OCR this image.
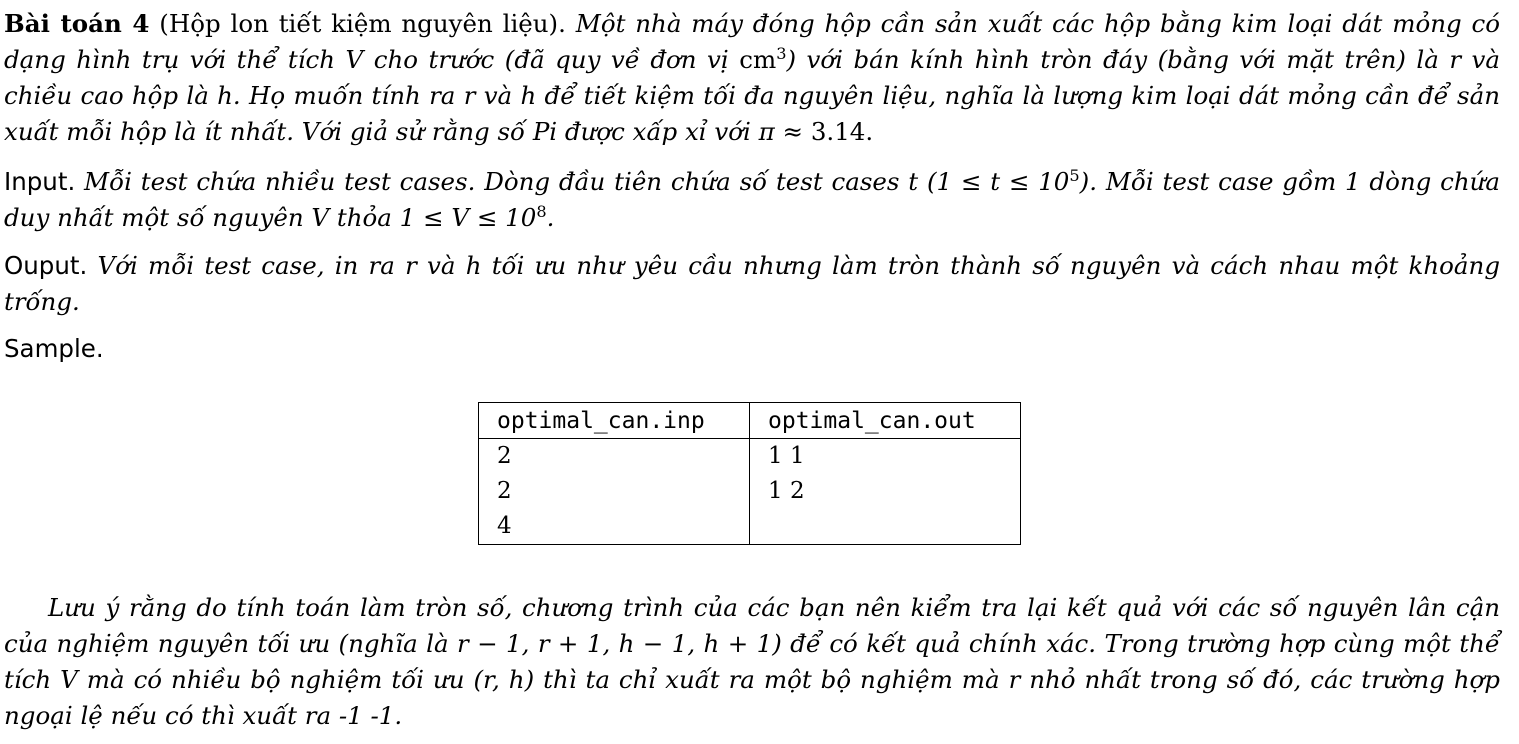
Bài toán 4 (Hộp lon tiết kiệm nguyên liệu). Một nhà máy đóng hộp cần sản xuất các hộp bằng kim loại dát mỏng có dạng hình trụ với thể tích V cho trước (đã quy về đơn vị $cm^3$) với bán kính hình tròn đáy (bằng với mặt trên) là r và chiều cao hộp là h. Họ muốn tính ra r và h để tiết kiệm tối đa nguyên liệu, nghĩa là lượng kim loại dát mỏng cần để sản xuất mỗi hộp là ít nhất. Với giả sử rằng số Pi được xấp xỉ với π ≈ 3.14.
Input. Mỗi test chứa nhiều test cases. Dòng đầu tiên chứa số test cases t $(1 \le t \le 10^5)$. Mỗi test case gồm 1 dòng chứa duy nhất một số nguyên V thỏa $1 \le V \le 10^8$.
Ouput. Với mỗi test case, in ra r và h tối ưu như yêu cầu nhưng làm tròn thành số nguyên và cách nhau một khoảng trống.
Sample.
optimal_can.inp	optimal_can.out
2	1 1
2	1 2
4	
Lưu ý rằng do tính toán làm tròn số, chương trình của các bạn nên kiểm tra lại kết quả với các số nguyên lân cận của nghiệm nguyên tối ưu (nghĩa là r − 1, r + 1, h − 1, h + 1) để có kết quả chính xác. Trong trường hợp cùng một thể tích V mà có nhiều bộ nghiệm tối ưu (r, h) thì ta chỉ xuất ra một bộ nghiệm mà r nhỏ nhất trong số đó, các trường hợp ngoại lệ nếu có thì xuất ra -1 -1.
